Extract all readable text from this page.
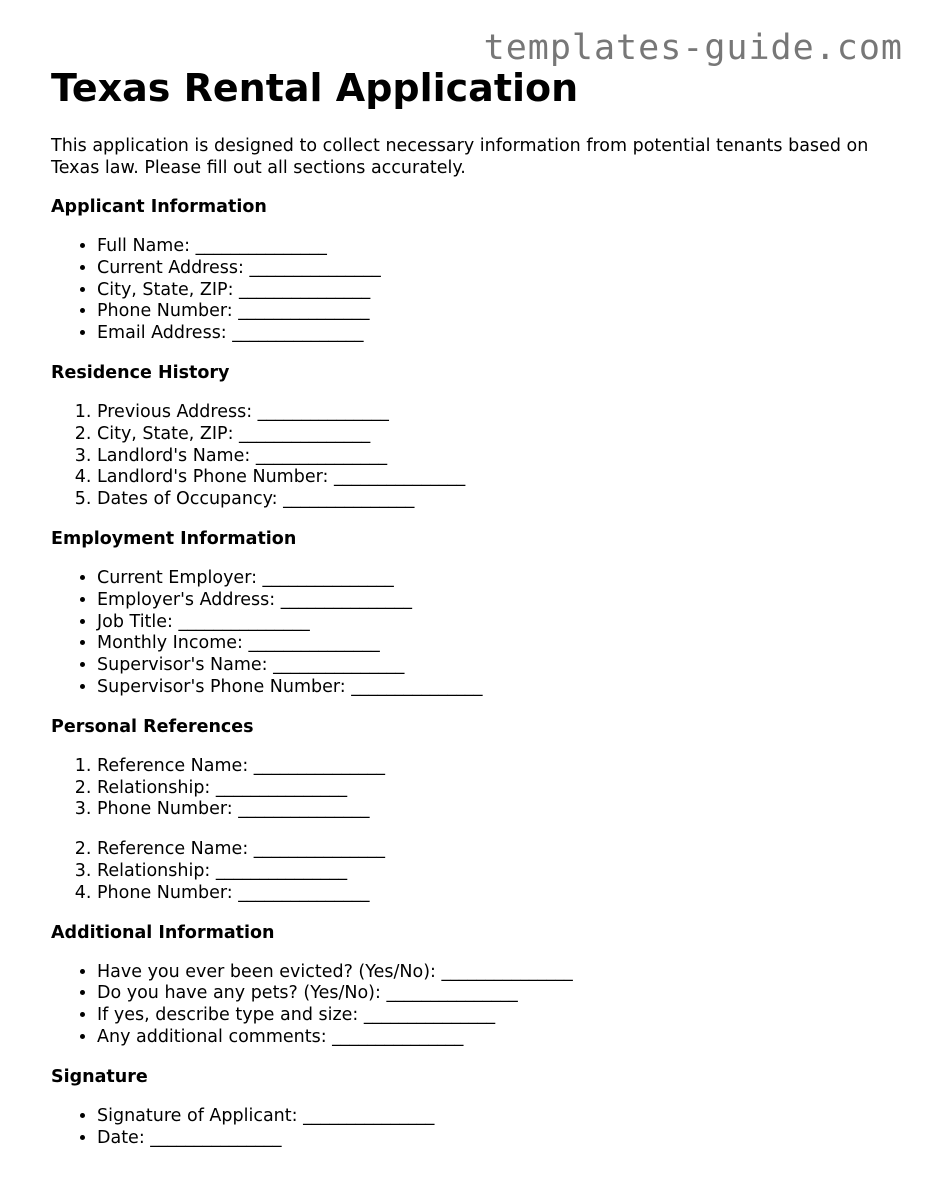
templates-guide.com
Texas Rental Application

This application is designed to collect necessary information from potential tenants based on Texas law. Please fill out all sections accurately.

Applicant Information
• Full Name: _______________
• Current Address: _______________
• City, State, ZIP: _______________
• Phone Number: _______________
• Email Address: _______________
Residence History
1. Previous Address: _______________
2. City, State, ZIP: _______________
3. Landlord's Name: _______________
4. Landlord's Phone Number: _______________
5. Dates of Occupancy: _______________
Employment Information
• Current Employer: _______________
• Employer's Address: _______________
• Job Title: _______________
• Monthly Income: _______________
• Supervisor's Name: _______________
• Supervisor's Phone Number: _______________
Personal References
1. Reference Name: _______________
2. Relationship: _______________
3. Phone Number: _______________
2. Reference Name: _______________
3. Relationship: _______________
4. Phone Number: _______________
Additional Information
• Have you ever been evicted? (Yes/No): _______________
• Do you have any pets? (Yes/No): _______________
• If yes, describe type and size: _______________
• Any additional comments: _______________
Signature
• Signature of Applicant: _______________
• Date: _______________
